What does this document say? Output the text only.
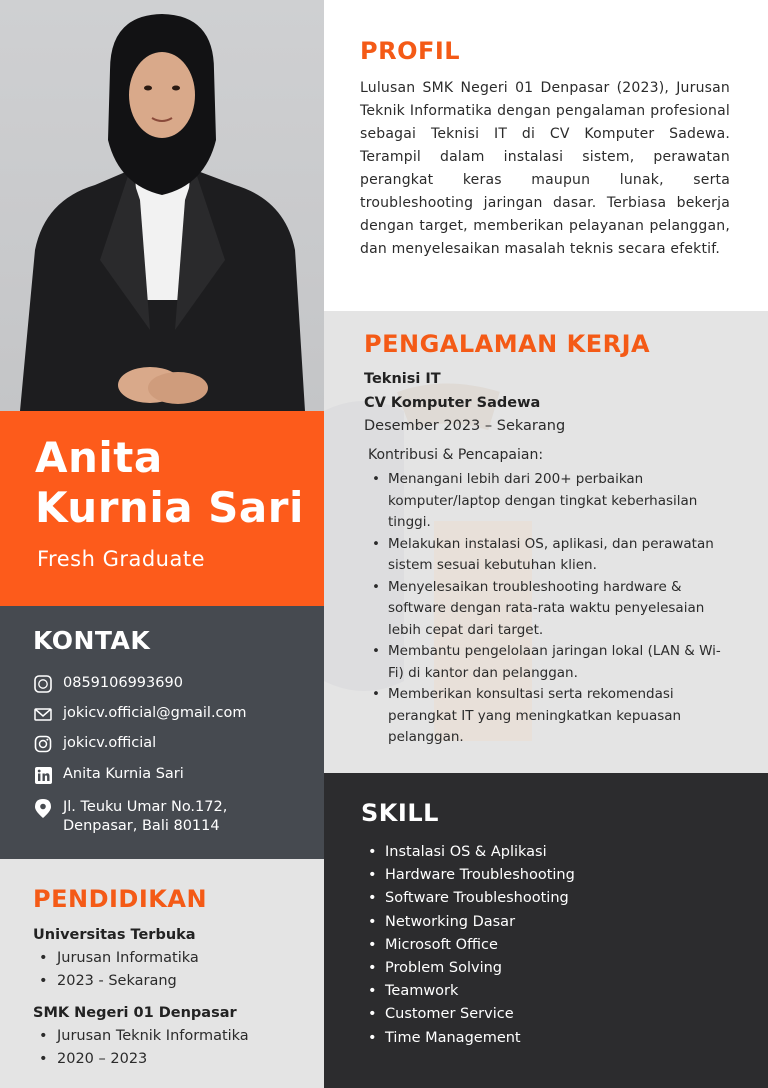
Anita
Kurnia Sari
Fresh Graduate
KONTAK
0859106993690
jokicv.official@gmail.com
jokicv.official
Anita Kurnia Sari
Jl. Teuku Umar No.172,
Denpasar, Bali 80114
PENDIDIKAN
Universitas Terbuka
• Jurusan Informatika
• 2023 - Sekarang
SMK Negeri 01 Denpasar
• Jurusan Teknik Informatika
• 2020 – 2023
PROFIL
Lulusan SMK Negeri 01 Denpasar (2023), Jurusan Teknik Informatika dengan pengalaman profesional sebagai Teknisi IT di CV Komputer Sadewa. Terampil dalam instalasi sistem, perawatan perangkat keras maupun lunak, serta troubleshooting jaringan dasar. Terbiasa bekerja dengan target, memberikan pelayanan pelanggan, dan menyelesaikan masalah teknis secara efektif.
PENGALAMAN KERJA
Teknisi IT
CV Komputer Sadewa
Desember 2023 – Sekarang
Kontribusi & Pencapaian:
• Menangani lebih dari 200+ perbaikan komputer/laptop dengan tingkat keberhasilan tinggi.
• Melakukan instalasi OS, aplikasi, dan perawatan sistem sesuai kebutuhan klien.
• Menyelesaikan troubleshooting hardware & software dengan rata-rata waktu penyelesaian lebih cepat dari target.
• Membantu pengelolaan jaringan lokal (LAN & Wi-Fi) di kantor dan pelanggan.
• Memberikan konsultasi serta rekomendasi perangkat IT yang meningkatkan kepuasan pelanggan.
SKILL
• Instalasi OS & Aplikasi
• Hardware Troubleshooting
• Software Troubleshooting
• Networking Dasar
• Microsoft Office
• Problem Solving
• Teamwork
• Customer Service
• Time Management
